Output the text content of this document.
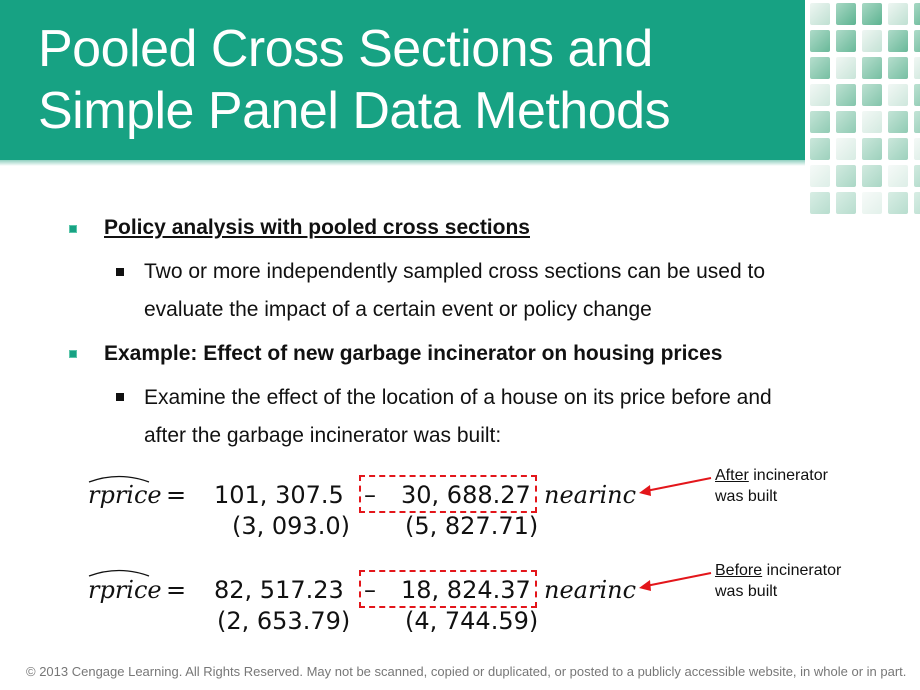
Pooled Cross Sections and
Simple Panel Data Methods
Policy analysis with pooled cross sections
Two or more independently sampled cross sections can be used to
evaluate the impact of a certain event or policy change
Example: Effect of new garbage incinerator on housing prices
Examine the effect of the location of a house on its price before and
after the garbage incinerator was built:
rprice = 101, 307.5 – 30, 688.27 nearinc
(3, 093.0) (5, 827.71)
After incinerator
was built
rprice = 82, 517.23 – 18, 824.37 nearinc
(2, 653.79) (4, 744.59)
Before incinerator
was built
© 2013 Cengage Learning. All Rights Reserved. May not be scanned, copied or duplicated, or posted to a publicly accessible website, in whole or in part.
